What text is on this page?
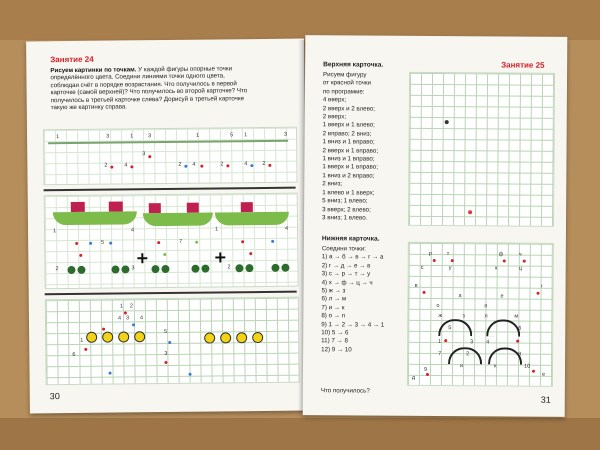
Занятие 24
Рисуем картинки по точкам. У каждой фигуры опорные точки
определённого цвета. Соедини линиями точки одного цвета,
соблюдая счёт в порядке возрастания. Что получилось в первой
карточке (самой верхней)? Что получилось во второй карточке? Что
получилось в третьей карточке слева? Дорисуй в третьей карточке
такую же картинку справа.
1	3	1	3	1	5 1	3
2	4
3
2 4	2	4	2
1	4	1	4
5	7
2	3	2
1 2
4 3 4
1
5
6	3
30
Занятие 25
Верхняя карточка.
Рисуем фигуру
от красной точки
по программе:
4 вверх;
2 вверх и 2 влево;
2 вверх;
1 вверх и 1 влево;
2 вправо; 2 вниз;
1 вниз и 1 вправо;
2 вверх и 1 вправо;
1 вниз и 1 вправо;
1 вверх и 1 вправо;
1 вниз и 2 вправо;
2 вниз;
1 влево и 1 вверх;
5 вниз; 1 влево;
3 вверх; 2 влево;
3 вниз; 1 влево.
Нижняя карточка.
Соедини точки:
1) а → б → в → г → а
2) г → д → е → в
3) с → р → т → у
4) х → ф → ц → ч
5) ж → з
6) л → м
7) и → к
8) о → п
9) 1 → 2 → 3 → 4 → 1
10) 5 → 6
11) 7 → 8
12) 9 → 10
р	т	ф	ч
с	у	х	ц
в	г
а	е
о	п
ж	з	л	м
5	6
1	3 4
7	8
9
10
д
е
и	к
2
Что получилось?
31
